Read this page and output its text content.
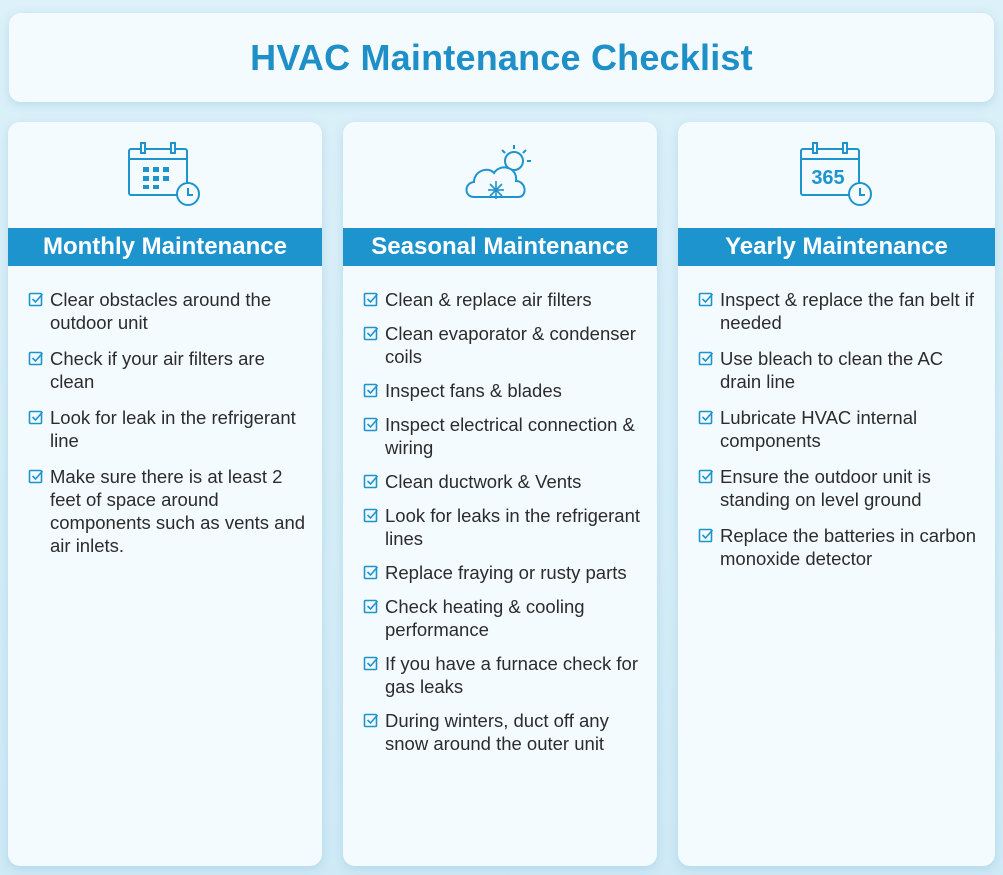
HVAC Maintenance Checklist
Monthly Maintenance
Clear obstacles around the outdoor unit
Check if your air filters are clean
Look for leak in the refrigerant line
Make sure there is at least 2 feet of space around components such as vents and air inlets.
Seasonal Maintenance
Clean & replace air filters
Clean evaporator & condenser coils
Inspect fans & blades
Inspect electrical connection & wiring
Clean ductwork & Vents
Look for leaks in the refrigerant lines
Replace fraying or rusty parts
Check heating & cooling performance
If you have a furnace check for gas leaks
During winters, duct off any snow around the outer unit
365
Yearly Maintenance
Inspect & replace the fan belt if needed
Use bleach to clean the AC drain line
Lubricate HVAC internal components
Ensure the outdoor unit is standing on level ground
Replace the batteries in carbon monoxide detector
